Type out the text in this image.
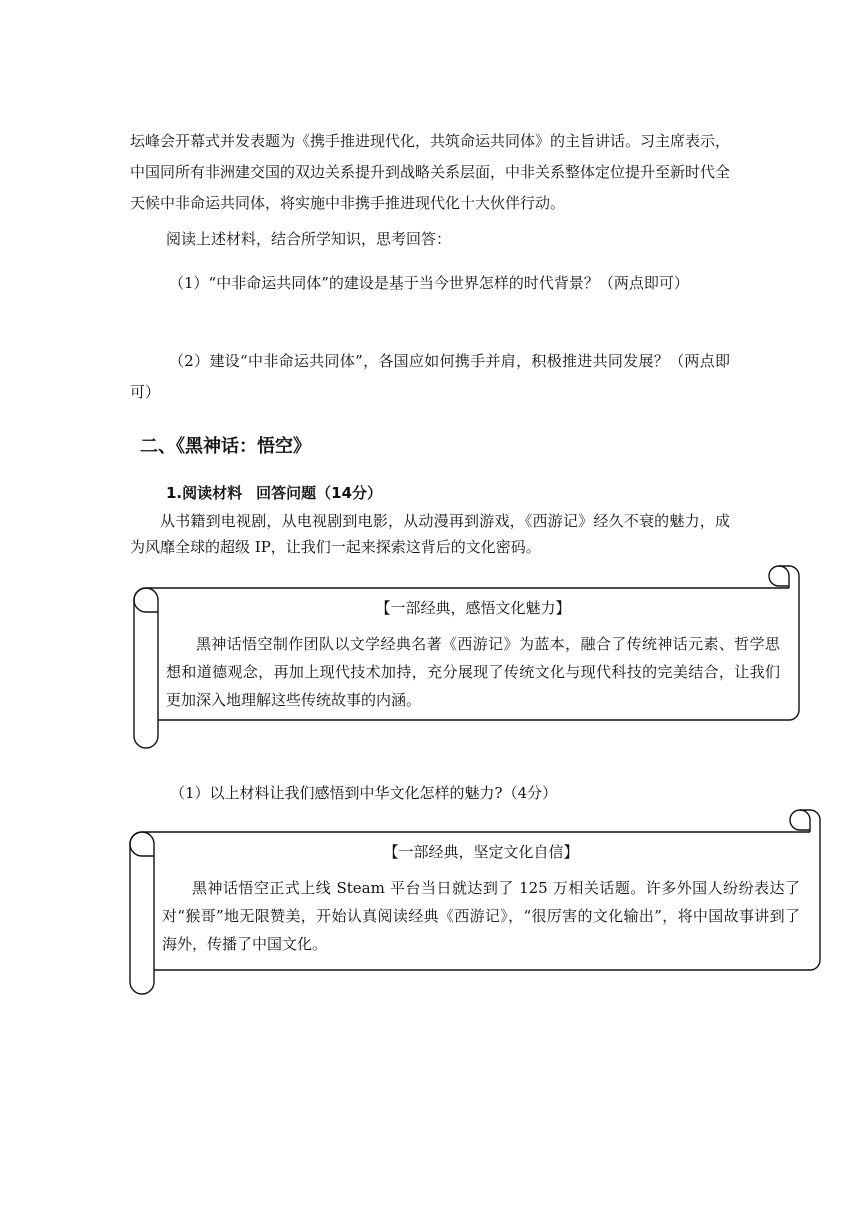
坛峰会开幕式并发表题为《携手推进现代化，共筑命运共同体》的主旨讲话。习主席表示，中国同所有非洲建交国的双边关系提升到战略关系层面，中非关系整体定位提升至新时代全天候中非命运共同体，将实施中非携手推进现代化十大伙伴行动。

阅读上述材料，结合所学知识，思考回答：

（1）“中非命运共同体”的建设是基于当今世界怎样的时代背景？（两点即可）

（2）建设“中非命运共同体”，各国应如何携手并肩，积极推进共同发展？（两点即可）

二、《黑神话：悟空》
1.阅读材料 回答问题（14分）

从书籍到电视剧，从电视剧到电影，从动漫再到游戏，《西游记》经久不衰的魅力，成为风靡全球的超级 IP，让我们一起来探索这背后的文化密码。

【一部经典，感悟文化魅力】
黑神话悟空制作团队以文学经典名著《西游记》为蓝本，融合了传统神话元素、哲学思想和道德观念，再加上现代技术加持，充分展现了传统文化与现代科技的完美结合，让我们更加深入地理解这些传统故事的内涵。

（1）以上材料让我们感悟到中华文化怎样的魅力?（4分）

【一部经典，坚定文化自信】
黑神话悟空正式上线 Steam 平台当日就达到了 125 万相关话题。许多外国人纷纷表达了对“猴哥”地无限赞美，开始认真阅读经典《西游记》，“很厉害的文化输出”，将中国故事讲到了海外，传播了中国文化。
